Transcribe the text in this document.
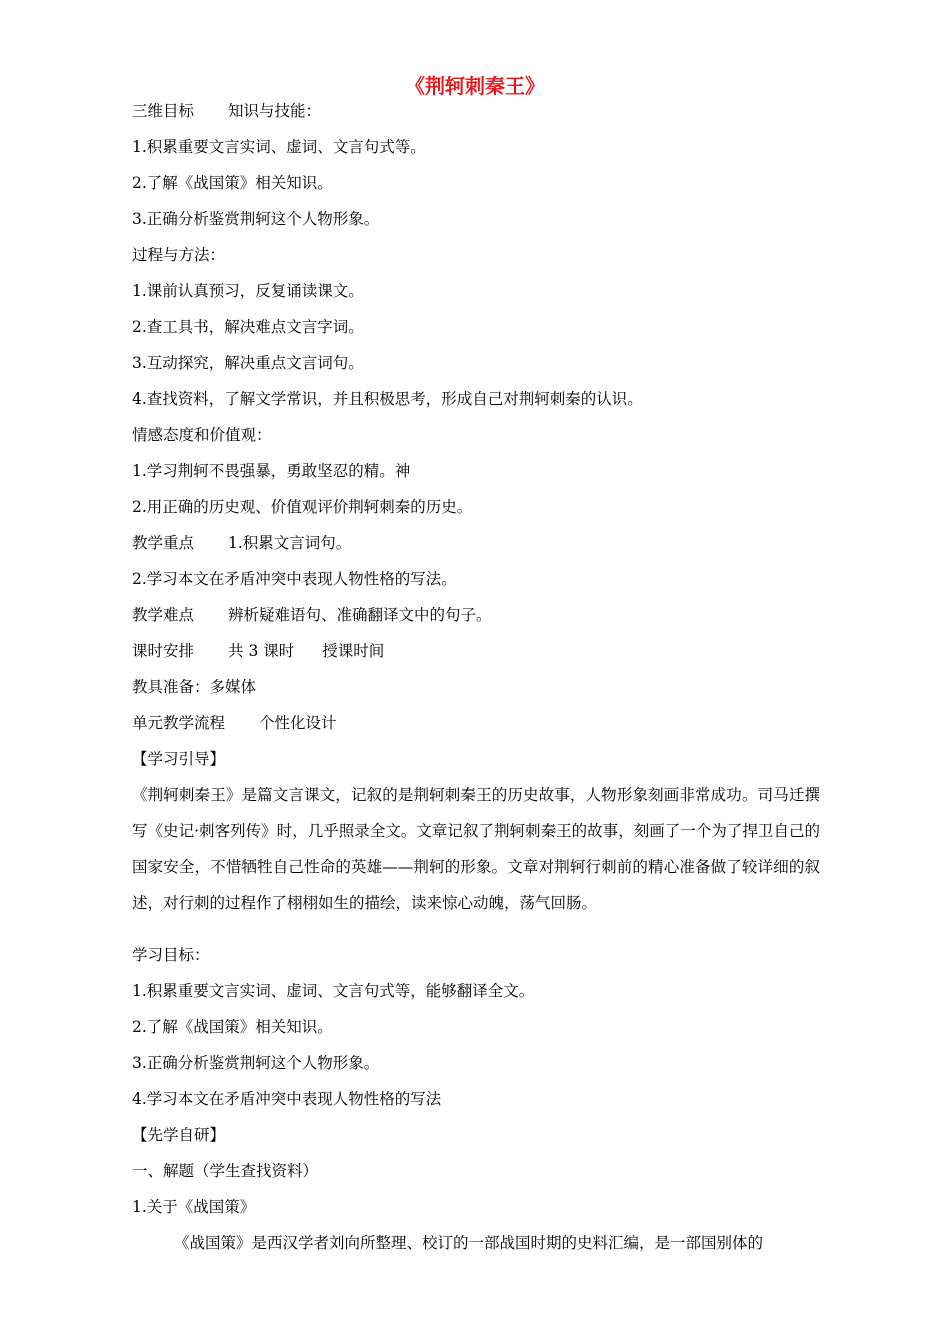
《荆轲刺秦王》
三维目标 知识与技能：
1.积累重要文言实词、虚词、文言句式等。
2.了解《战国策》相关知识。
3.正确分析鉴赏荆轲这个人物形象。
过程与方法：
1.课前认真预习，反复诵读课文。
2.查工具书，解决难点文言字词。
3.互动探究，解决重点文言词句。
4.查找资料，了解文学常识，并且积极思考，形成自己对荆轲刺秦的认识。
情感态度和价值观：
1.学习荆轲不畏强暴，勇敢坚忍的精。神
2.用正确的历史观、价值观评价荆轲刺秦的历史。
教学重点 1.积累文言词句。
2.学习本文在矛盾冲突中表现人物性格的写法。
教学难点 辨析疑难语句、准确翻译文中的句子。
课时安排 共 3 课时 授课时间
教具准备：多媒体
单元教学流程 个性化设计
【学习引导】
《荆轲刺秦王》是篇文言课文，记叙的是荆轲刺秦王的历史故事，人物形象刻画非常成功。司马迁撰写《史记·刺客列传》时，几乎照录全文。文章记叙了荆轲刺秦王的故事，刻画了一个为了捍卫自己的国家安全，不惜牺牲自己性命的英雄——荆轲的形象。文章对荆轲行刺前的精心准备做了较详细的叙述，对行刺的过程作了栩栩如生的描绘，读来惊心动魄，荡气回肠。
学习目标：
1.积累重要文言实词、虚词、文言句式等，能够翻译全文。
2.了解《战国策》相关知识。
3.正确分析鉴赏荆轲这个人物形象。
4.学习本文在矛盾冲突中表现人物性格的写法
【先学自研】
一、解题（学生查找资料）
1.关于《战国策》
《战国策》是西汉学者刘向所整理、校订的一部战国时期的史料汇编，是一部国别体的
